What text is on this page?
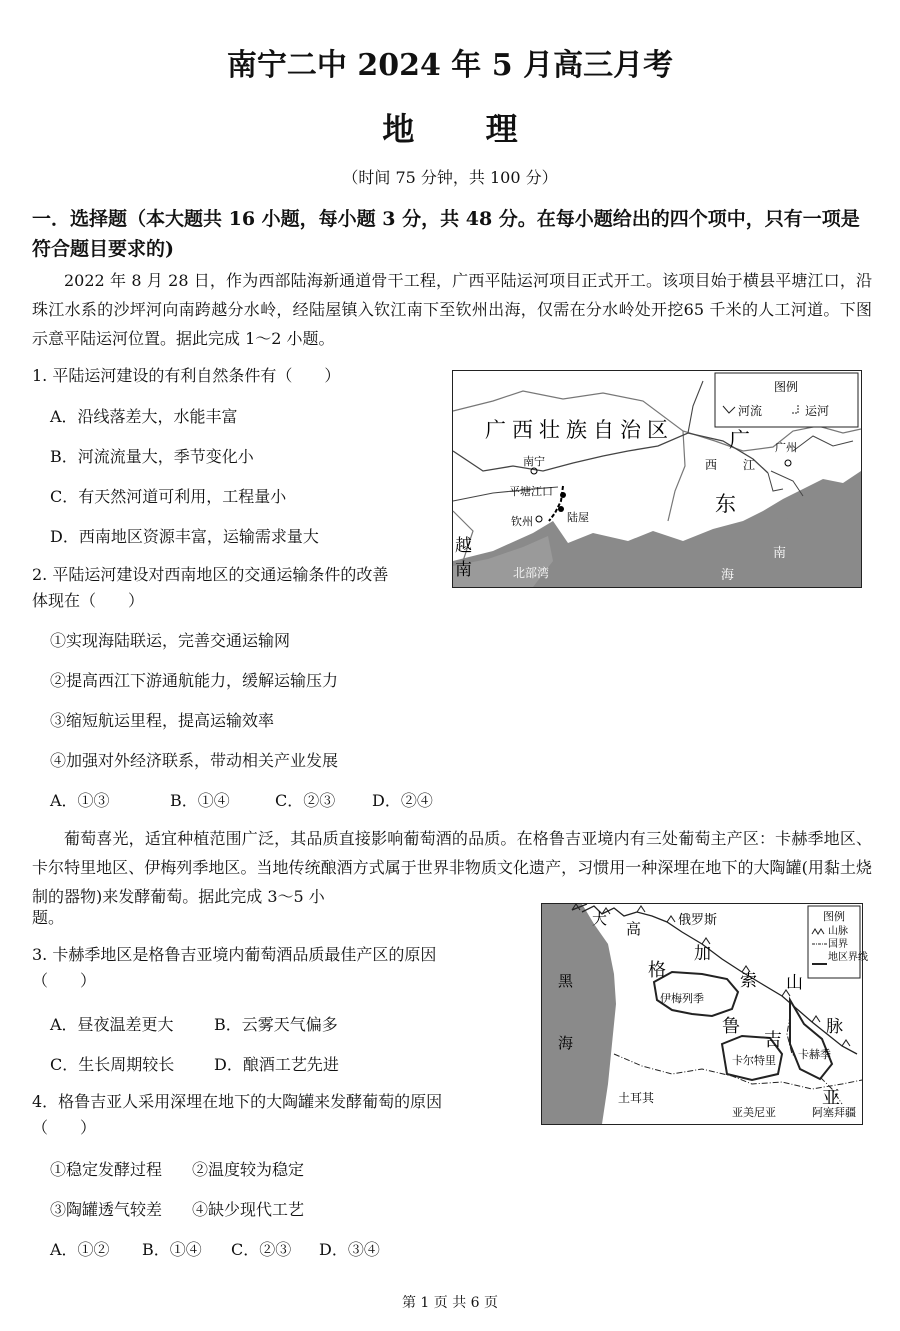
南宁二中 2024 年 5 月高三月考
地 理
（时间 75 分钟，共 100 分）
一．选择题（本大题共 16 小题，每小题 3 分，共 48 分。在每小题给出的四个项中，只有一项是符合题目要求的)
2022 年 8 月 28 日，作为西部陆海新通道骨干工程，广西平陆运河项目正式开工。该项目始于横县平塘江口，沿珠江水系的沙坪河向南跨越分水岭，经陆屋镇入钦江南下至钦州出海，仅需在分水岭处开挖65 千米的人工河道。下图示意平陆运河位置。据此完成 1～2 小题。
1. 平陆运河建设的有利自然条件有（　　）
A．沿线落差大，水能丰富
B．河流流量大，季节变化小
C．有天然河道可利用，工程量小
D．西南地区资源丰富，运输需求量大
2. 平陆运河建设对西南地区的交通运输条件的改善
体现在（　　）
①实现海陆联运，完善交通运输网
②提高西江下游通航能力，缓解运输压力
③缩短航运里程，提高运输效率
④加强对外经济联系，带动相关产业发展
A．①③	B．①④	C．②③ D．②④
图例
河流	运河
广西壮族自治区
南宁
平塘江口
钦州	陆屋
广
东
西 江
广州
越
南	北部湾
南
海
葡萄喜光，适宜种植范围广泛，其品质直接影响葡萄酒的品质。在格鲁吉亚境内有三处葡萄主产区：卡赫季地区、卡尔特里地区、伊梅列季地区。当地传统酿酒方式属于世界非物质文化遗产，习惯用一种深埋在地下的大陶罐(用黏土烧制的器物)来发酵葡萄。据此完成 3～5 小
题。
3. 卡赫季地区是格鲁吉亚境内葡萄酒品质最佳产区的原因
（　　）
A．昼夜温差更大	B．云雾天气偏多
C．生长周期较长 D．酿酒工艺先进
4．格鲁吉亚人采用深埋在地下的大陶罐来发酵葡萄的原因
（　　）
①稳定发酵过程 ②温度较为稳定
③陶罐透气较差 ④缺少现代工艺
A．①② B．①④ C．②③ D．③④
图例
山脉
国界
地区界线
大
高	俄罗斯
加
索 山
脉
黑
海
格
鲁
吉
亚
伊梅列季
卡赫季
卡尔特里
土耳其
亚美尼亚	阿塞拜疆
第 1 页 共 6 页
